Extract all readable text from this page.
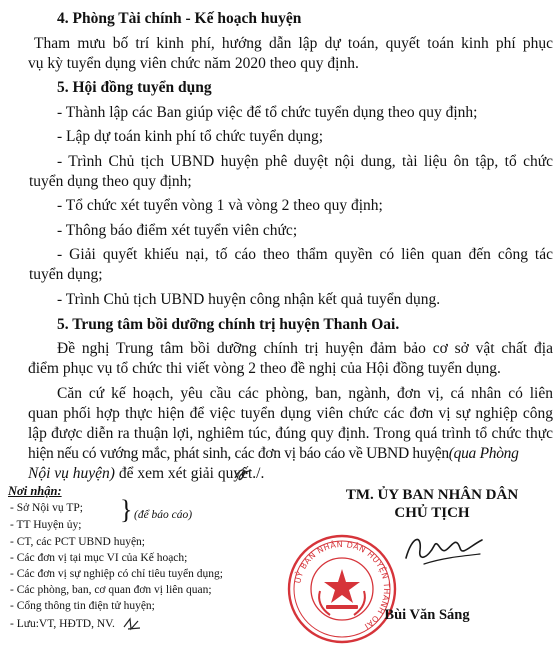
4. Phòng Tài chính - Kế hoạch huyện
Tham mưu bố trí kinh phí, hướng dẫn lập dự toán, quyết toán kinh phí phục
vụ kỳ tuyển dụng viên chức năm 2020 theo quy định.
5. Hội đồng tuyển dụng
- Thành lập các Ban giúp việc để tổ chức tuyển dụng theo quy định;
- Lập dự toán kinh phí tổ chức tuyển dụng;
- Trình Chủ tịch UBND huyện phê duyệt nội dung, tài liệu ôn tập, tổ chức
tuyển dụng theo quy định;
- Tổ chức xét tuyển vòng 1 và vòng 2 theo quy định;
- Thông báo điểm xét tuyển viên chức;
- Giải quyết khiếu nại, tố cáo theo thẩm quyền có liên quan đến công tác
tuyển dụng;
- Trình Chủ tịch UBND huyện công nhận kết quả tuyển dụng.
5. Trung tâm bồi dưỡng chính trị huyện Thanh Oai.
Đề nghị Trung tâm bồi dưỡng chính trị huyện đảm bảo cơ sở vật chất địa
điểm phục vụ tổ chức thi viết vòng 2 theo đề nghị của Hội đồng tuyển dụng.
Căn cứ kế hoạch, yêu cầu các phòng, ban, ngành, đơn vị, cá nhân có liên
quan phối hợp thực hiện để việc tuyển dụng viên chức các đơn vị sự nghiệp công
lập được diễn ra thuận lợi, nghiêm túc, đúng quy định. Trong quá trình tổ chức thực
hiện nếu có vướng mắc, phát sinh, các đơn vị báo cáo về UBND huyện(qua Phòng
Nội vụ huyện) để xem xét giải quyết./.
Nơi nhận:
- Sở Nội vụ TP;
- TT Huyện ủy;
} (để báo cáo)
- CT, các PCT UBND huyện;
- Các đơn vị tại mục VI của Kế hoạch;
- Các đơn vị sự nghiệp có chỉ tiêu tuyển dụng;
- Các phòng, ban, cơ quan đơn vị liên quan;
- Cổng thông tin điện tử huyện;
- Lưu:VT, HĐTD, NV.
TM. ỦY BAN NHÂN DÂN
CHỦ TỊCH
UỶ BAN NHÂN DÂN HUYỆN THANH OAI
Bùi Văn Sáng
